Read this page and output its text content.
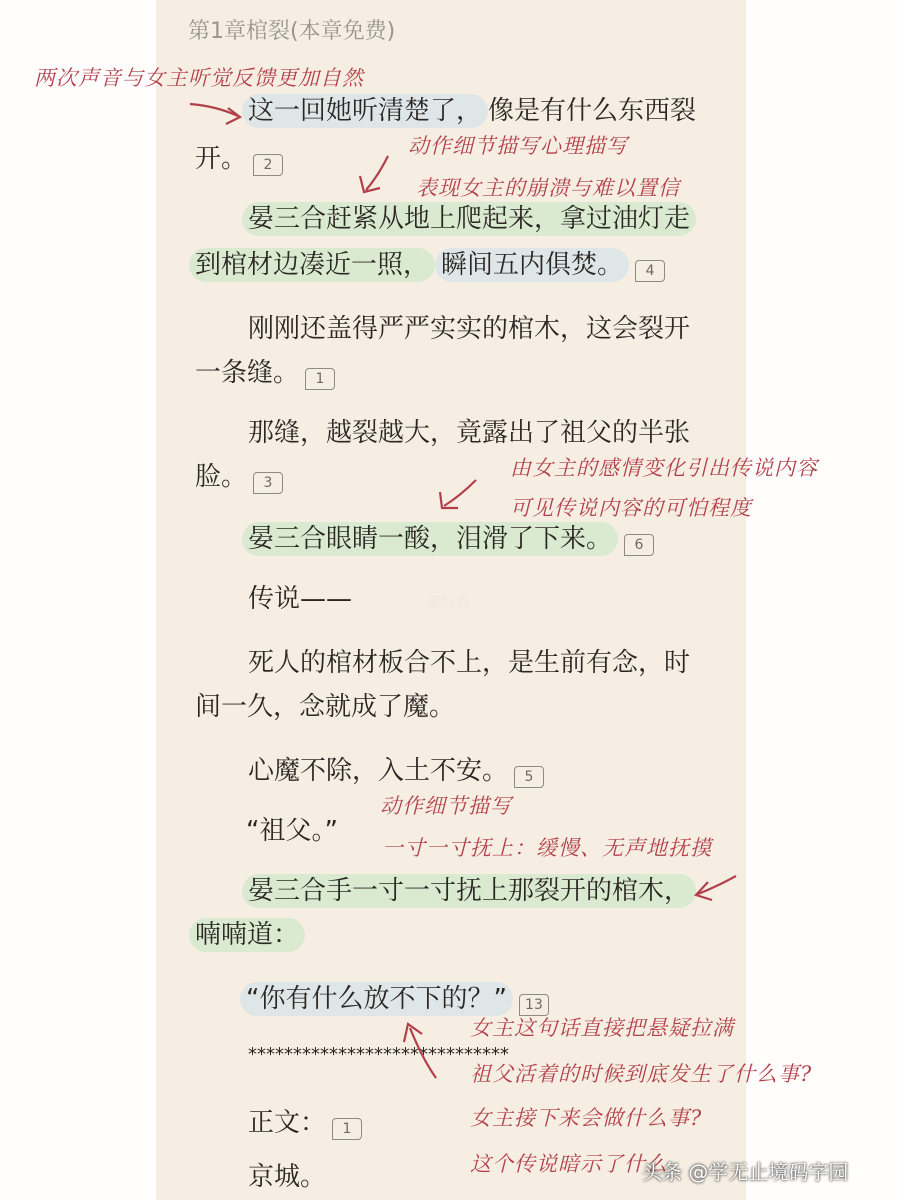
第1章棺裂(本章免费)
这一回她听清楚了， 像是有什么东西裂
开。 2
晏三合赶紧从地上爬起来，拿过油灯走
到棺材边凑近一照， 瞬间五内俱焚。 4
刚刚还盖得严严实实的棺木，这会裂开
一条缝。 1
那缝，越裂越大，竟露出了祖父的半张
脸。 3
晏三合眼睛一酸，泪滑了下来。 6
传说——	@红豹
死人的棺材板合不上，是生前有念，时
间一久，念就成了魔。
心魔不除，入土不安。 5
“祖父。”
晏三合手一寸一寸抚上那裂开的棺木，
喃喃道：
“你有什么放不下的？” 13
*****************************
正文： 1
京城。
两次声音与女主听觉反馈更加自然
动作细节描写心理描写
表现女主的崩溃与难以置信
由女主的感情变化引出传说内容
可见传说内容的可怕程度
动作细节描写
一寸一寸抚上：缓慢、无声地抚摸
女主这句话直接把悬疑拉满
祖父活着的时候到底发生了什么事?
女主接下来会做什么事?
这个传说暗示了什么
头条 @学无止境码字园
